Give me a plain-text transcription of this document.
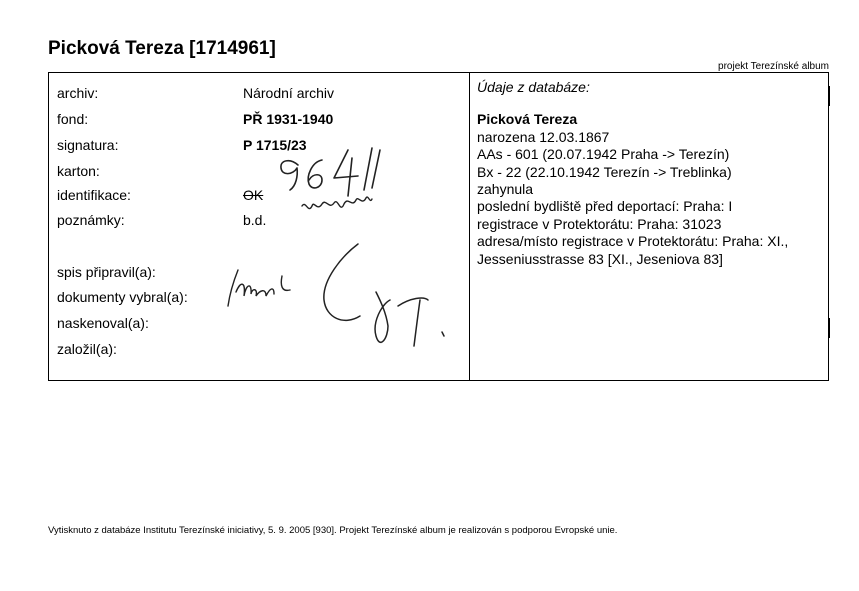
Picková Tereza [1714961]
projekt Terezínské album
archiv:	Národní archiv
fond:	PŘ 1931-1940
signatura:	P 1715/23
karton:
identifikace:	OK
poznámky:	b.d.
spis připravil(a):
dokumenty vybral(a):
naskenoval(a):
založil(a):
Údaje z databáze:
Picková Tereza
narozena 12.03.1867
AAs - 601 (20.07.1942 Praha -> Terezín)
Bx - 22 (22.10.1942 Terezín -> Treblinka)
zahynula
poslední bydliště před deportací: Praha: I
registrace v Protektorátu: Praha: 31023
adresa/místo registrace v Protektorátu: Praha: XI., Jesseniusstrasse 83 [XI., Jeseniova 83]
Vytisknuto z databáze Institutu Terezínské iniciativy, 5. 9. 2005 [930]. Projekt Terezínské album je realizován s podporou Evropské unie.
